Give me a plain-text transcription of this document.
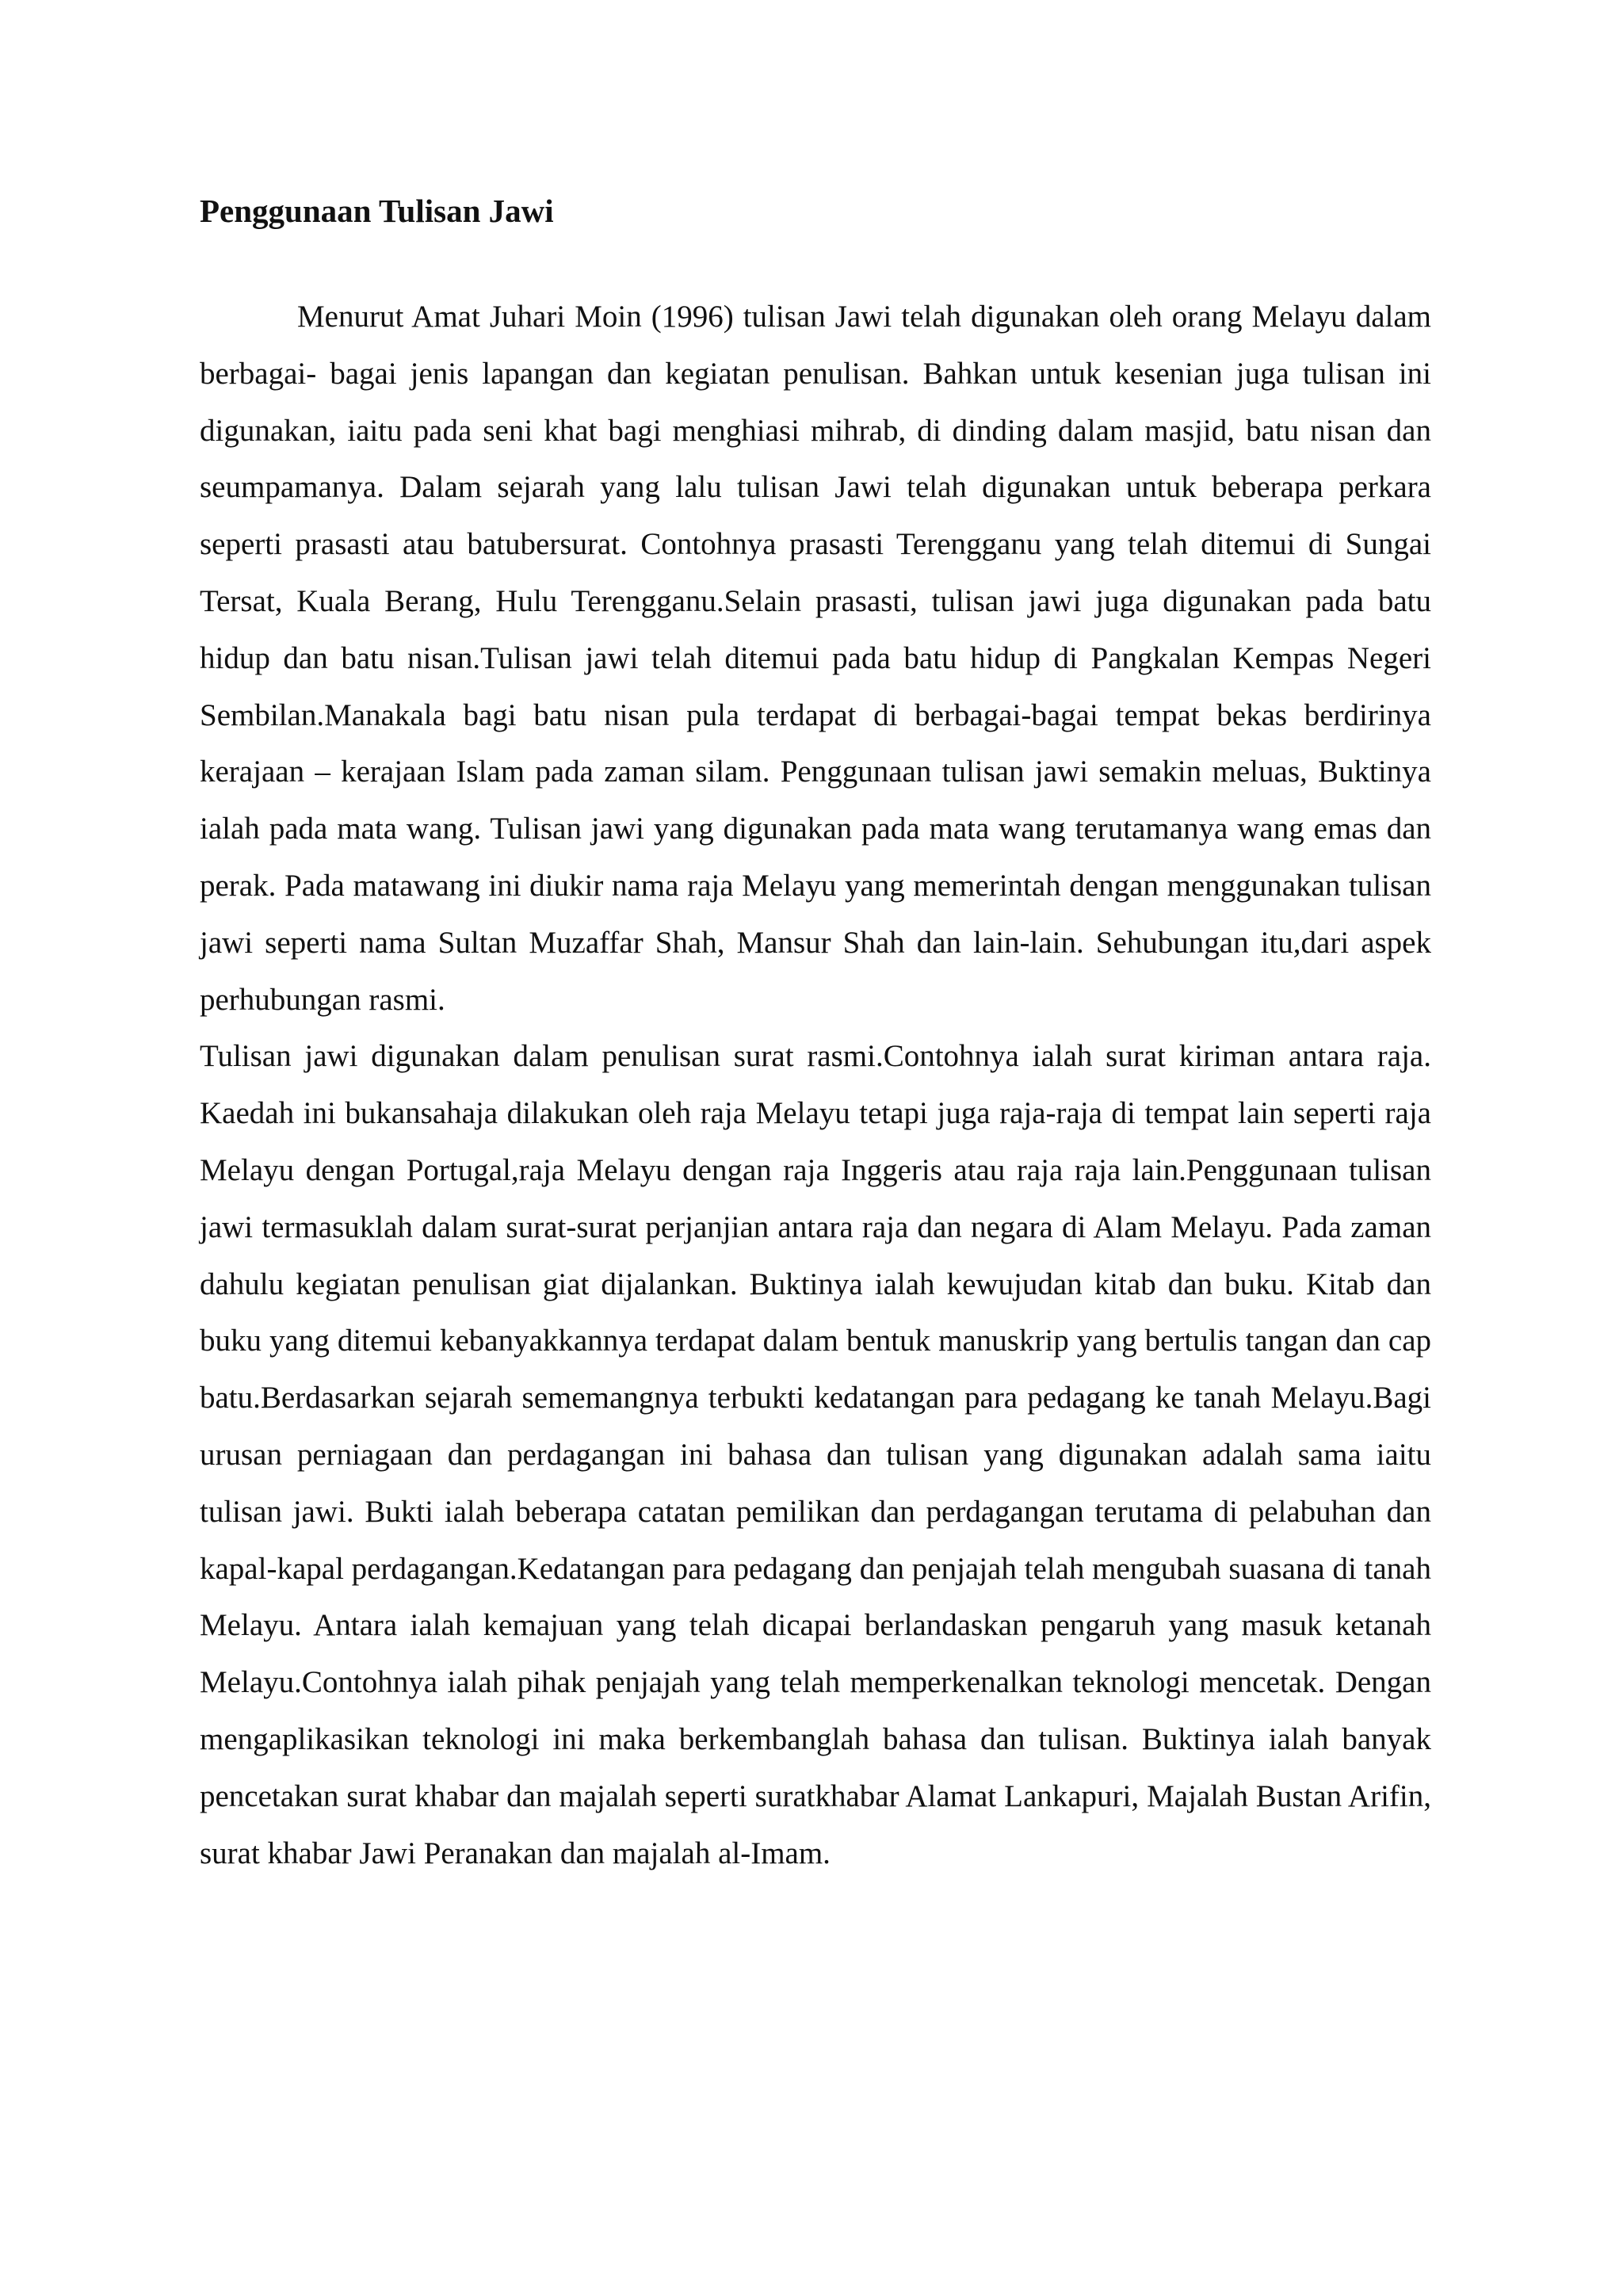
Penggunaan Tulisan Jawi

Menurut Amat Juhari Moin (1996) tulisan Jawi telah digunakan oleh orang Melayu dalam berbagai- bagai jenis lapangan dan kegiatan penulisan. Bahkan untuk kesenian juga tulisan ini digunakan, iaitu pada seni khat bagi menghiasi mihrab, di dinding dalam masjid, batu nisan dan seumpamanya. Dalam sejarah yang lalu tulisan Jawi telah digunakan untuk beberapa perkara seperti prasasti atau batubersurat. Contohnya prasasti Terengganu yang telah ditemui di Sungai Tersat, Kuala Berang, Hulu Terengganu.Selain prasasti, tulisan jawi juga digunakan pada batu hidup dan batu nisan.Tulisan jawi telah ditemui pada batu hidup di Pangkalan Kempas Negeri Sembilan.Manakala bagi batu nisan pula terdapat di berbagai-bagai tempat bekas berdirinya kerajaan – kerajaan Islam pada zaman silam. Penggunaan tulisan jawi semakin meluas, Buktinya ialah pada mata wang. Tulisan jawi yang digunakan pada mata wang terutamanya wang emas dan perak. Pada matawang ini diukir nama raja Melayu yang memerintah dengan menggunakan tulisan jawi seperti nama Sultan Muzaffar Shah, Mansur Shah dan lain-lain. Sehubungan itu,dari aspek perhubungan rasmi.

Tulisan jawi digunakan dalam penulisan surat rasmi.Contohnya ialah surat kiriman antara raja. Kaedah ini bukansahaja dilakukan oleh raja Melayu tetapi juga raja-raja di tempat lain seperti raja Melayu dengan Portugal,raja Melayu dengan raja Inggeris atau raja raja lain.Penggunaan tulisan jawi termasuklah dalam surat-surat perjanjian antara raja dan negara di Alam Melayu. Pada zaman dahulu kegiatan penulisan giat dijalankan. Buktinya ialah kewujudan kitab dan buku. Kitab dan buku yang ditemui kebanyakkannya terdapat dalam bentuk manuskrip yang bertulis tangan dan cap batu.Berdasarkan sejarah sememangnya terbukti kedatangan para pedagang ke tanah Melayu.Bagi urusan perniagaan dan perdagangan ini bahasa dan tulisan yang digunakan adalah sama iaitu tulisan jawi. Bukti ialah beberapa catatan pemilikan dan perdagangan terutama di pelabuhan dan kapal-kapal perdagangan.Kedatangan para pedagang dan penjajah telah mengubah suasana di tanah Melayu. Antara ialah kemajuan yang telah dicapai berlandaskan pengaruh yang masuk ketanah Melayu.Contohnya ialah pihak penjajah yang telah memperkenalkan teknologi mencetak. Dengan mengaplikasikan teknologi ini maka berkembanglah bahasa dan tulisan. Buktinya ialah banyak pencetakan surat khabar dan majalah seperti suratkhabar Alamat Lankapuri, Majalah Bustan Arifin, surat khabar Jawi Peranakan dan majalah al-Imam.
